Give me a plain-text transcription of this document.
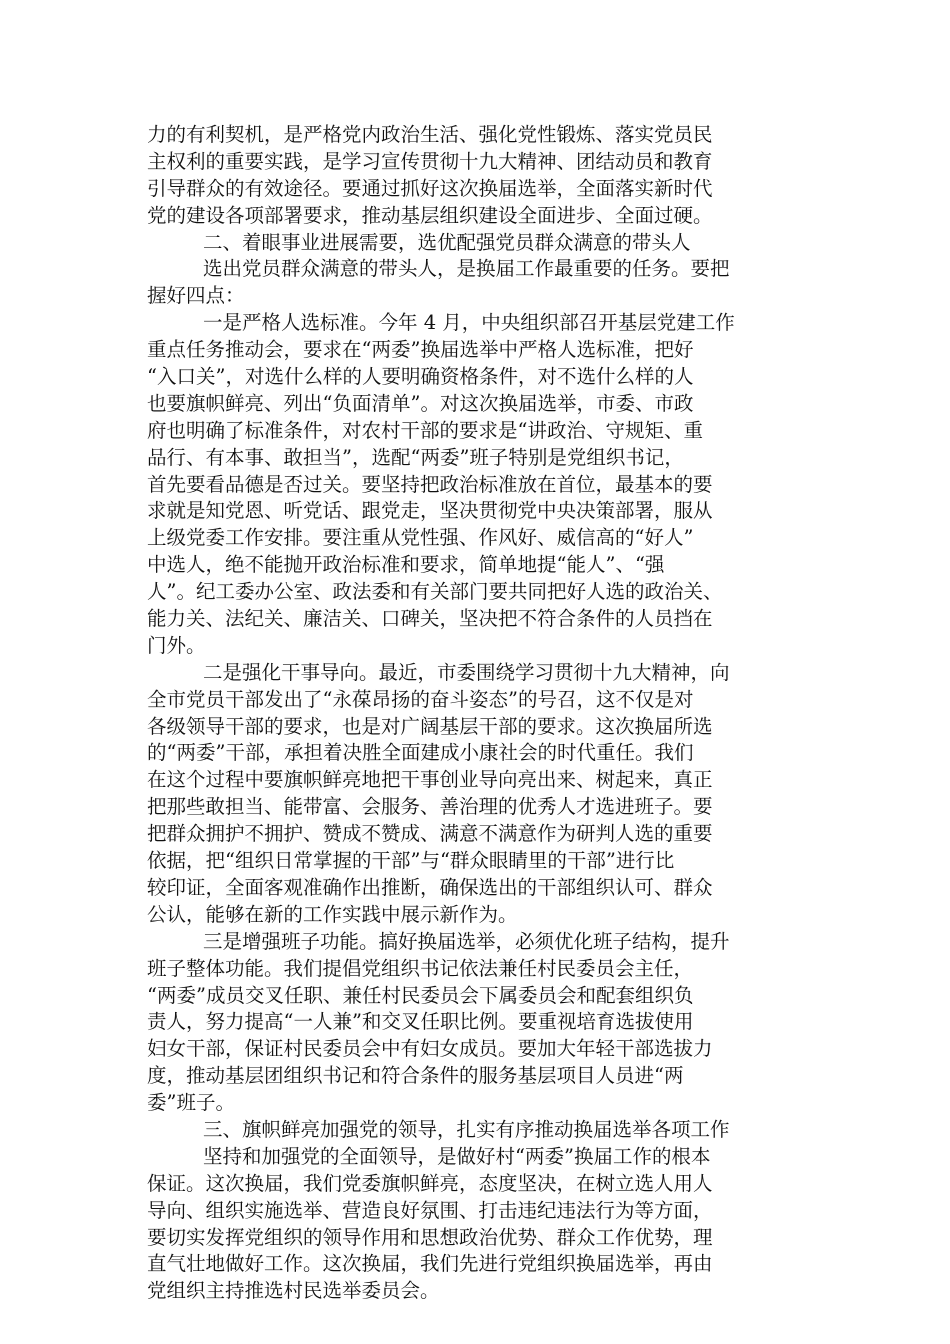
力的有利契机，是严格党内政治生活、强化党性锻炼、落实党员民
主权利的重要实践，是学习宣传贯彻十九大精神、团结动员和教育
引导群众的有效途径。要通过抓好这次换届选举，全面落实新时代
党的建设各项部署要求，推动基层组织建设全面进步、全面过硬。
二、着眼事业进展需要，选优配强党员群众满意的带头人
选出党员群众满意的带头人，是换届工作最重要的任务。要把
握好四点：
一是严格人选标准。今年 4 月，中央组织部召开基层党建工作
重点任务推动会，要求在“两委”换届选举中严格人选标准，把好
“入口关”，对选什么样的人要明确资格条件，对不选什么样的人
也要旗帜鲜亮、列出“负面清单”。对这次换届选举，市委、市政
府也明确了标准条件，对农村干部的要求是“讲政治、守规矩、重
品行、有本事、敢担当”，选配“两委”班子特别是党组织书记，
首先要看品德是否过关。要坚持把政治标准放在首位，最基本的要
求就是知党恩、听党话、跟党走，坚决贯彻党中央决策部署，服从
上级党委工作安排。要注重从党性强、作风好、威信高的“好人”
中选人，绝不能抛开政治标准和要求，简单地提“能人”、“强
人”。纪工委办公室、政法委和有关部门要共同把好人选的政治关、
能力关、法纪关、廉洁关、口碑关，坚决把不符合条件的人员挡在
门外。
二是强化干事导向。最近，市委围绕学习贯彻十九大精神，向
全市党员干部发出了“永葆昂扬的奋斗姿态”的号召，这不仅是对
各级领导干部的要求，也是对广阔基层干部的要求。这次换届所选
的“两委”干部，承担着决胜全面建成小康社会的时代重任。我们
在这个过程中要旗帜鲜亮地把干事创业导向亮出来、树起来，真正
把那些敢担当、能带富、会服务、善治理的优秀人才选进班子。要
把群众拥护不拥护、赞成不赞成、满意不满意作为研判人选的重要
依据，把“组织日常掌握的干部”与“群众眼睛里的干部”进行比
较印证，全面客观准确作出推断，确保选出的干部组织认可、群众
公认，能够在新的工作实践中展示新作为。
三是增强班子功能。搞好换届选举，必须优化班子结构，提升
班子整体功能。我们提倡党组织书记依法兼任村民委员会主任，
“两委”成员交叉任职、兼任村民委员会下属委员会和配套组织负
责人，努力提高“一人兼”和交叉任职比例。要重视培育选拔使用
妇女干部，保证村民委员会中有妇女成员。要加大年轻干部选拔力
度，推动基层团组织书记和符合条件的服务基层项目人员进“两
委”班子。
三、旗帜鲜亮加强党的领导，扎实有序推动换届选举各项工作
坚持和加强党的全面领导，是做好村“两委”换届工作的根本
保证。这次换届，我们党委旗帜鲜亮，态度坚决，在树立选人用人
导向、组织实施选举、营造良好氛围、打击违纪违法行为等方面，
要切实发挥党组织的领导作用和思想政治优势、群众工作优势，理
直气壮地做好工作。这次换届，我们先进行党组织换届选举，再由
党组织主持推选村民选举委员会。
